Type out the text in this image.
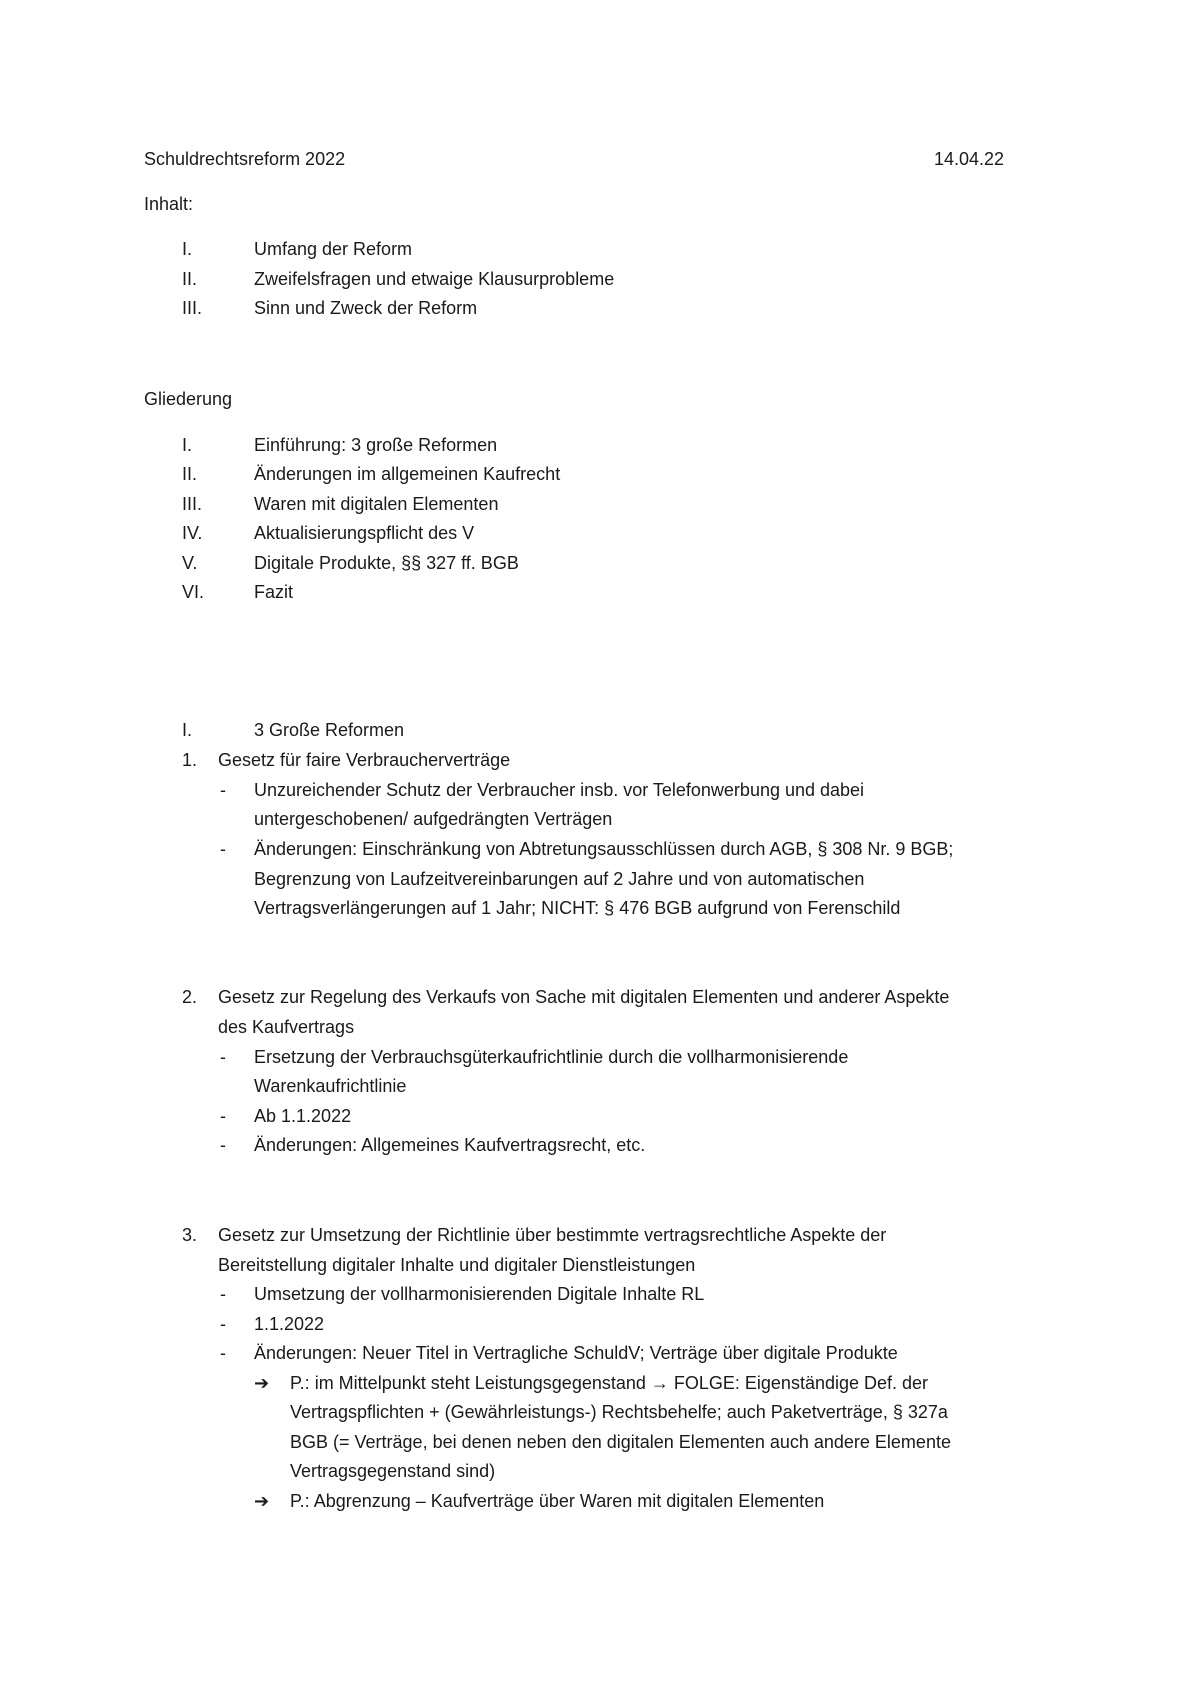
Schuldrechtsreform 2022	14.04.22
Inhalt:
I.	Umfang der Reform
II.	Zweifelsfragen und etwaige Klausurprobleme
III.	Sinn und Zweck der Reform
Gliederung
I.	Einführung: 3 große Reformen
II.	Änderungen im allgemeinen Kaufrecht
III.	Waren mit digitalen Elementen
IV.	Aktualisierungspflicht des V
V.	Digitale Produkte, §§ 327 ff. BGB
VI.	Fazit
I.	3 Große Reformen
1. Gesetz für faire Verbraucherverträge
- Unzureichender Schutz der Verbraucher insb. vor Telefonwerbung und dabei
untergeschobenen/ aufgedrängten Verträgen
- Änderungen: Einschränkung von Abtretungsausschlüssen durch AGB, § 308 Nr. 9 BGB;
Begrenzung von Laufzeitvereinbarungen auf 2 Jahre und von automatischen
Vertragsverlängerungen auf 1 Jahr; NICHT: § 476 BGB aufgrund von Ferenschild
2. Gesetz zur Regelung des Verkaufs von Sache mit digitalen Elementen und anderer Aspekte
des Kaufvertrags
- Ersetzung der Verbrauchsgüterkaufrichtlinie durch die vollharmonisierende
Warenkaufrichtlinie
- Ab 1.1.2022
- Änderungen: Allgemeines Kaufvertragsrecht, etc.
3. Gesetz zur Umsetzung der Richtlinie über bestimmte vertragsrechtliche Aspekte der
Bereitstellung digitaler Inhalte und digitaler Dienstleistungen
- Umsetzung der vollharmonisierenden Digitale Inhalte RL
- 1.1.2022
- Änderungen: Neuer Titel in Vertragliche SchuldV; Verträge über digitale Produkte
➔ P.: im Mittelpunkt steht Leistungsgegenstand → FOLGE: Eigenständige Def. der
Vertragspflichten + (Gewährleistungs-) Rechtsbehelfe; auch Paketverträge, § 327a
BGB (= Verträge, bei denen neben den digitalen Elementen auch andere Elemente
Vertragsgegenstand sind)
➔ P.: Abgrenzung – Kaufverträge über Waren mit digitalen Elementen
